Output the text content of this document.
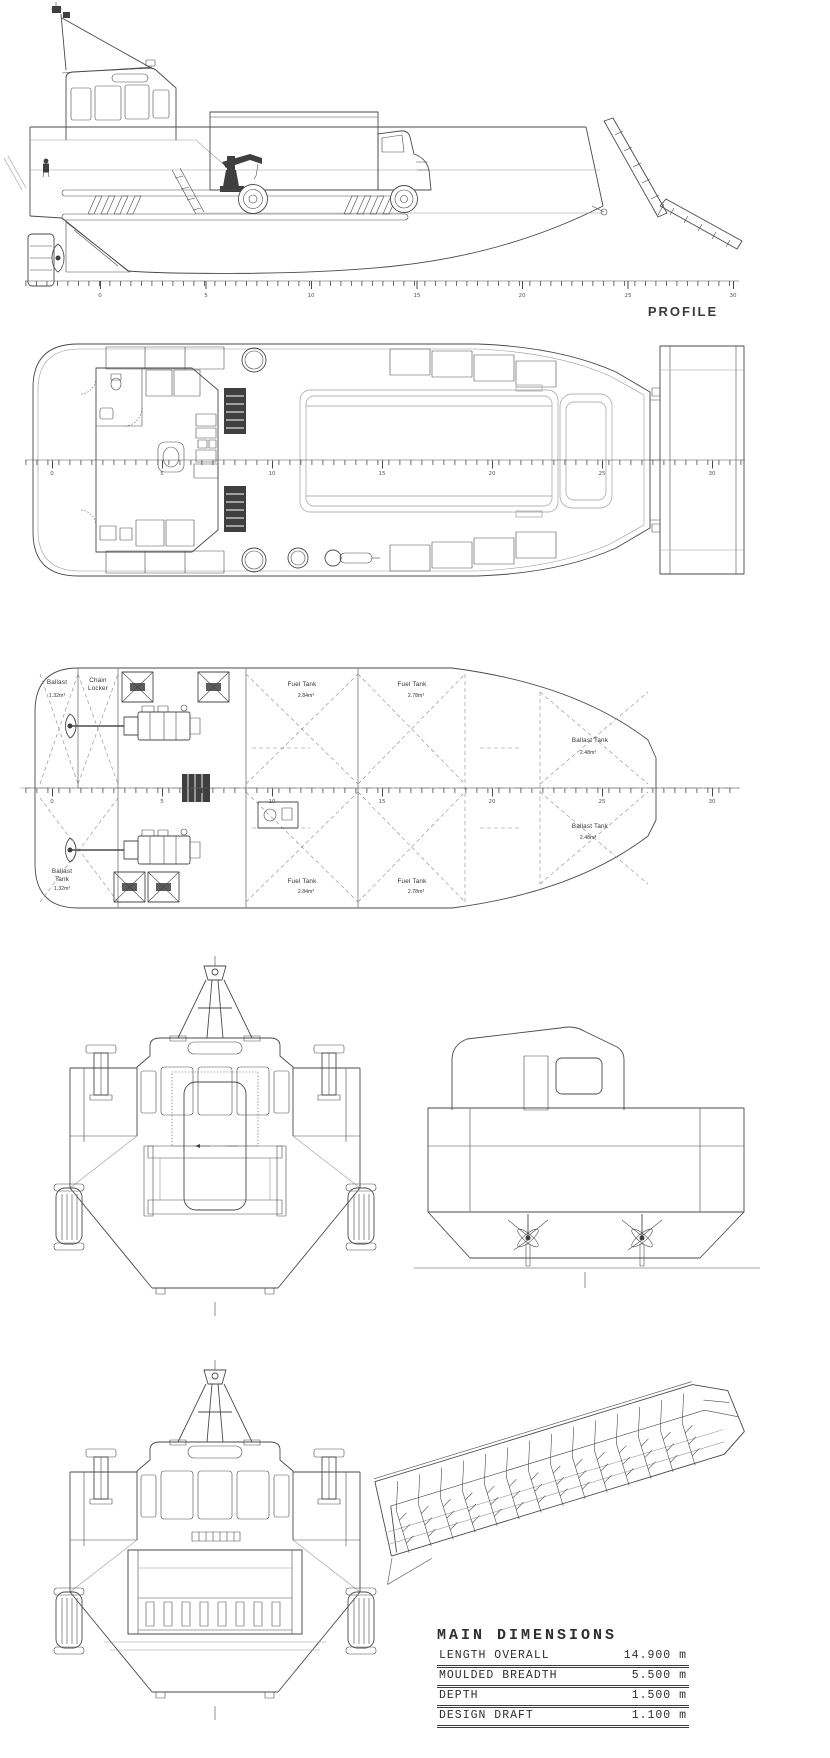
0	5	10	15	20	25	30
PROFILE
0	5	10	15	20	25	30
0	5	10	15	20	25	30
Ballast
1.32m³
Chain
Locker
Fuel Tank
2.84m³
Fuel Tank
2.78m³
Ballast Tank
2.48m³
Ballast
Tank
1.32m³
Fuel Tank
2.84m³
Fuel Tank
2.78m³
Ballast Tank
2.48m³
MAIN DIMENSIONS
LENGTH OVERALL	14.900 m
MOULDED BREADTH	5.500 m
DEPTH	1.500 m
DESIGN DRAFT	1.100 m
